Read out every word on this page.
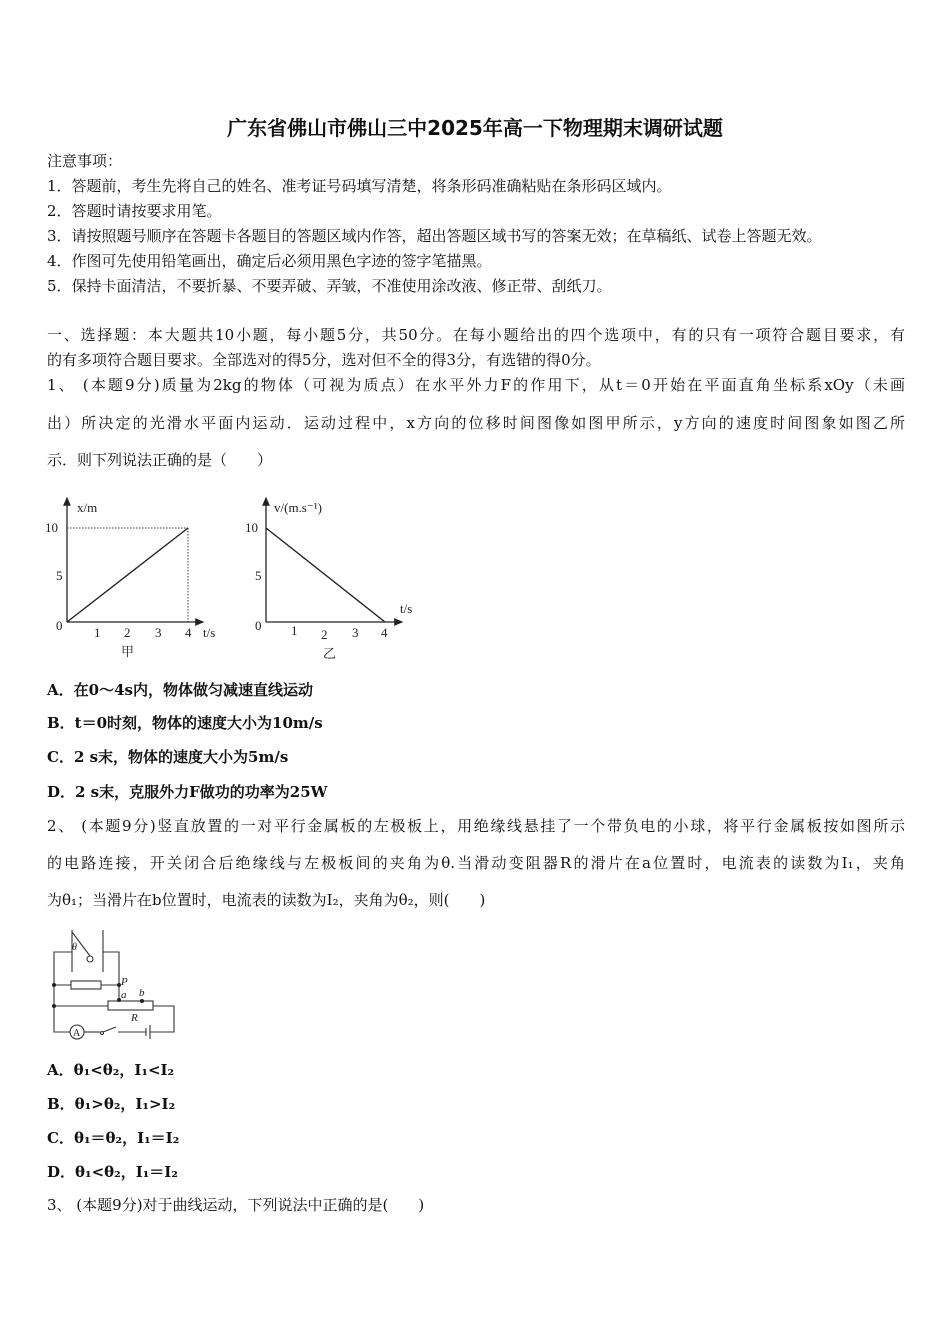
广东省佛山市佛山三中2025年高一下物理期末调研试题
注意事项：
1．答题前，考生先将自己的姓名、准考证号码填写清楚，将条形码准确粘贴在条形码区域内。
2．答题时请按要求用笔。
3．请按照题号顺序在答题卡各题目的答题区域内作答，超出答题区域书写的答案无效；在草稿纸、试卷上答题无效。
4．作图可先使用铅笔画出，确定后必须用黑色字迹的签字笔描黑。
5．保持卡面清洁，不要折暴、不要弄破、弄皱，不准使用涂改液、修正带、刮纸刀。
一、选择题：本大题共10小题，每小题5分，共50分。在每小题给出的四个选项中，有的只有一项符合题目要求，有
的有多项符合题目要求。全部选对的得5分，选对但不全的得3分，有选错的得0分。
1、 (本题9分)质量为2kg的物体（可视为质点）在水平外力F的作用下，从t＝0开始在平面直角坐标系xOy（未画
出）所决定的光滑水平面内运动．运动过程中，x方向的位移时间图像如图甲所示，y方向的速度时间图象如图乙所
示．则下列说法正确的是（　　）
x/m
10
5
0 1 2 3 4 t/s
甲
v/(m.s⁻¹)
10
5
0 1 2 3 4
t/s
乙
A．在0～4s内，物体做匀减速直线运动
B．t＝0时刻，物体的速度大小为10m/s
C．2 s末，物体的速度大小为5m/s
D．2 s末，克服外力F做功的功率为25W
2、 (本题9分)竖直放置的一对平行金属板的左极板上，用绝缘线悬挂了一个带负电的小球，将平行金属板按如图所示
的电路连接，开关闭合后绝缘线与左极板间的夹角为θ.当滑动变阻器R的滑片在a位置时，电流表的读数为I₁，夹角
为θ₁；当滑片在b位置时，电流表的读数为I₂，夹角为θ₂，则(　　)
θ
P
a b
R
A
A．θ₁<θ₂，I₁<I₂
B．θ₁>θ₂，I₁>I₂
C．θ₁＝θ₂，I₁＝I₂
D．θ₁<θ₂，I₁＝I₂
3、 (本题9分)对于曲线运动，下列说法中正确的是(　　)
